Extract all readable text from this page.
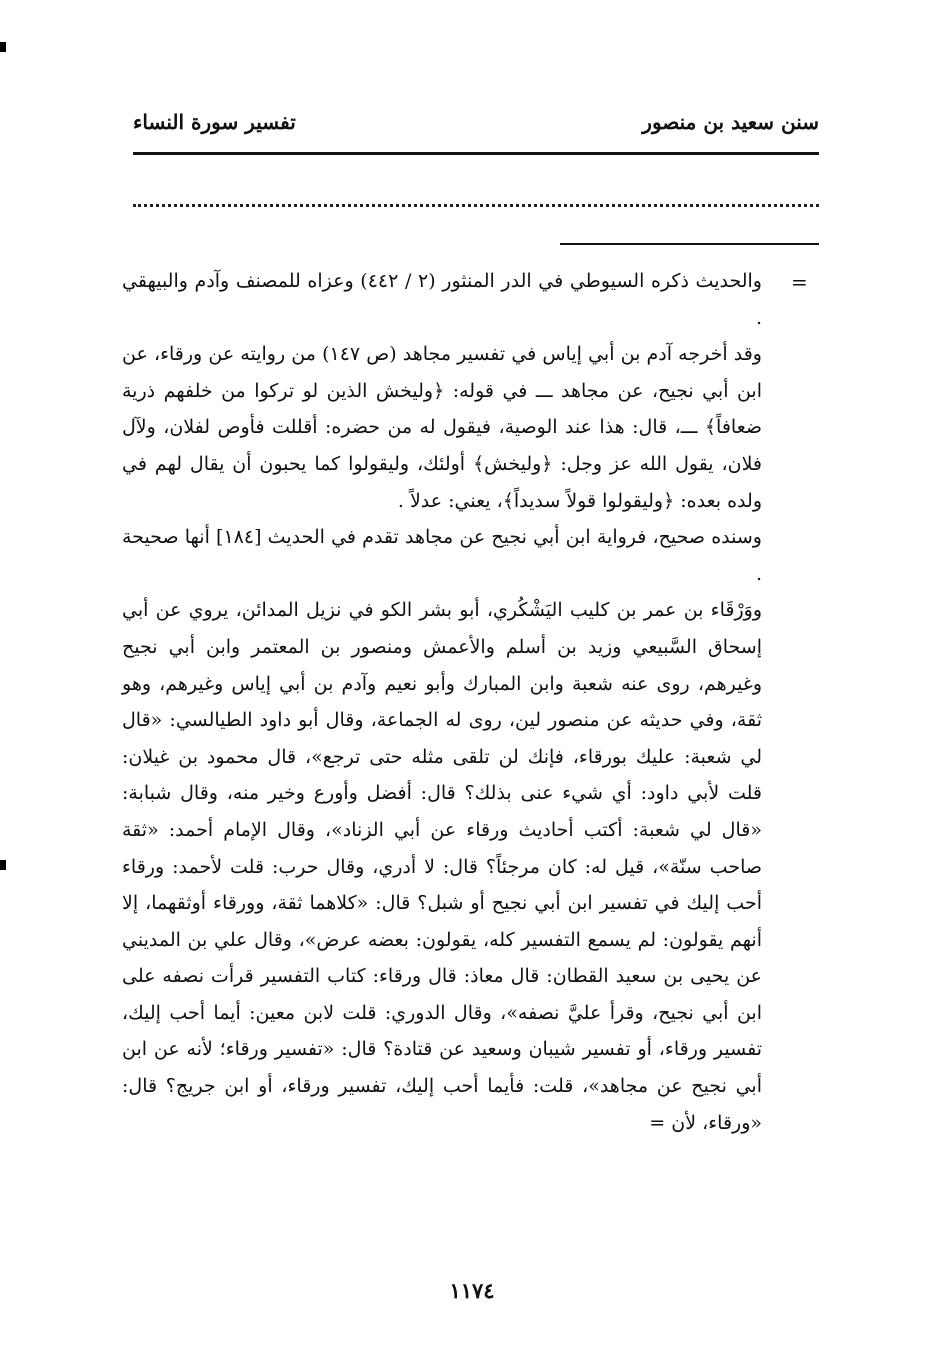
سنن سعيد بن منصور
تفسير سورة النساء
=

والحديث ذكره السيوطي في الدر المنثور (٢ / ٤٤٢) وعزاه للمصنف وآدم والبيهقي .

وقد أخرجه آدم بن أبي إياس في تفسير مجاهد (ص ١٤٧) من روايته عن ورقاء، عن ابن أبي نجيح، عن مجاهد ـــ في قوله: ﴿وليخش الذين لو تركوا من خلفهم ذرية ضعافاً﴾ ـــ، قال: هذا عند الوصية، فيقول له من حضره: أقللت فأوص لفلان، ولآل فلان، يقول الله عز وجل: ﴿وليخش﴾ أولئك، وليقولوا كما يحبون أن يقال لهم في ولده بعده: ﴿وليقولوا قولاً سديداً﴾، يعني: عدلاً .

وسنده صحيح، فرواية ابن أبي نجيح عن مجاهد تقدم في الحديث [١٨٤] أنها صحيحة .

ووَرْقَاء بن عمر بن كليب اليَشْكُري، أبو بشر الكو في نزيل المدائن، يروي عن أبي إسحاق السَّبيعي وزيد بن أسلم والأعمش ومنصور بن المعتمر وابن أبي نجيح وغيرهم، روى عنه شعبة وابن المبارك وأبو نعيم وآدم بن أبي إياس وغيرهم، وهو ثقة، وفي حديثه عن منصور لين، روى له الجماعة، وقال أبو داود الطيالسي: «قال لي شعبة: عليك بورقاء، فإنك لن تلقى مثله حتى ترجع»، قال محمود بن غيلان: قلت لأبي داود: أي شيء عنى بذلك؟ قال: أفضل وأورع وخير منه، وقال شبابة: «قال لي شعبة: أكتب أحاديث ورقاء عن أبي الزناد»، وقال الإمام أحمد: «ثقة صاحب سنّة»، قيل له: كان مرجئاً؟ قال: لا أدري، وقال حرب: قلت لأحمد: ورقاء أحب إليك في تفسير ابن أبي نجيح أو شبل؟ قال: «كلاهما ثقة، وورقاء أوثقهما، إلا أنهم يقولون: لم يسمع التفسير كله، يقولون: بعضه عرض»، وقال علي بن المديني عن يحيى بن سعيد القطان: قال معاذ: قال ورقاء: كتاب التفسير قرأت نصفه على ابن أبي نجيح، وقرأ عليَّ نصفه»، وقال الدوري: قلت لابن معين: أيما أحب إليك، تفسير ورقاء، أو تفسير شيبان وسعيد عن قتادة؟ قال: «تفسير ورقاء؛ لأنه عن ابن أبي نجيح عن مجاهد»، قلت: فأيما أحب إليك، تفسير ورقاء، أو ابن جريج؟ قال: «ورقاء، لأن =

١١٧٤
